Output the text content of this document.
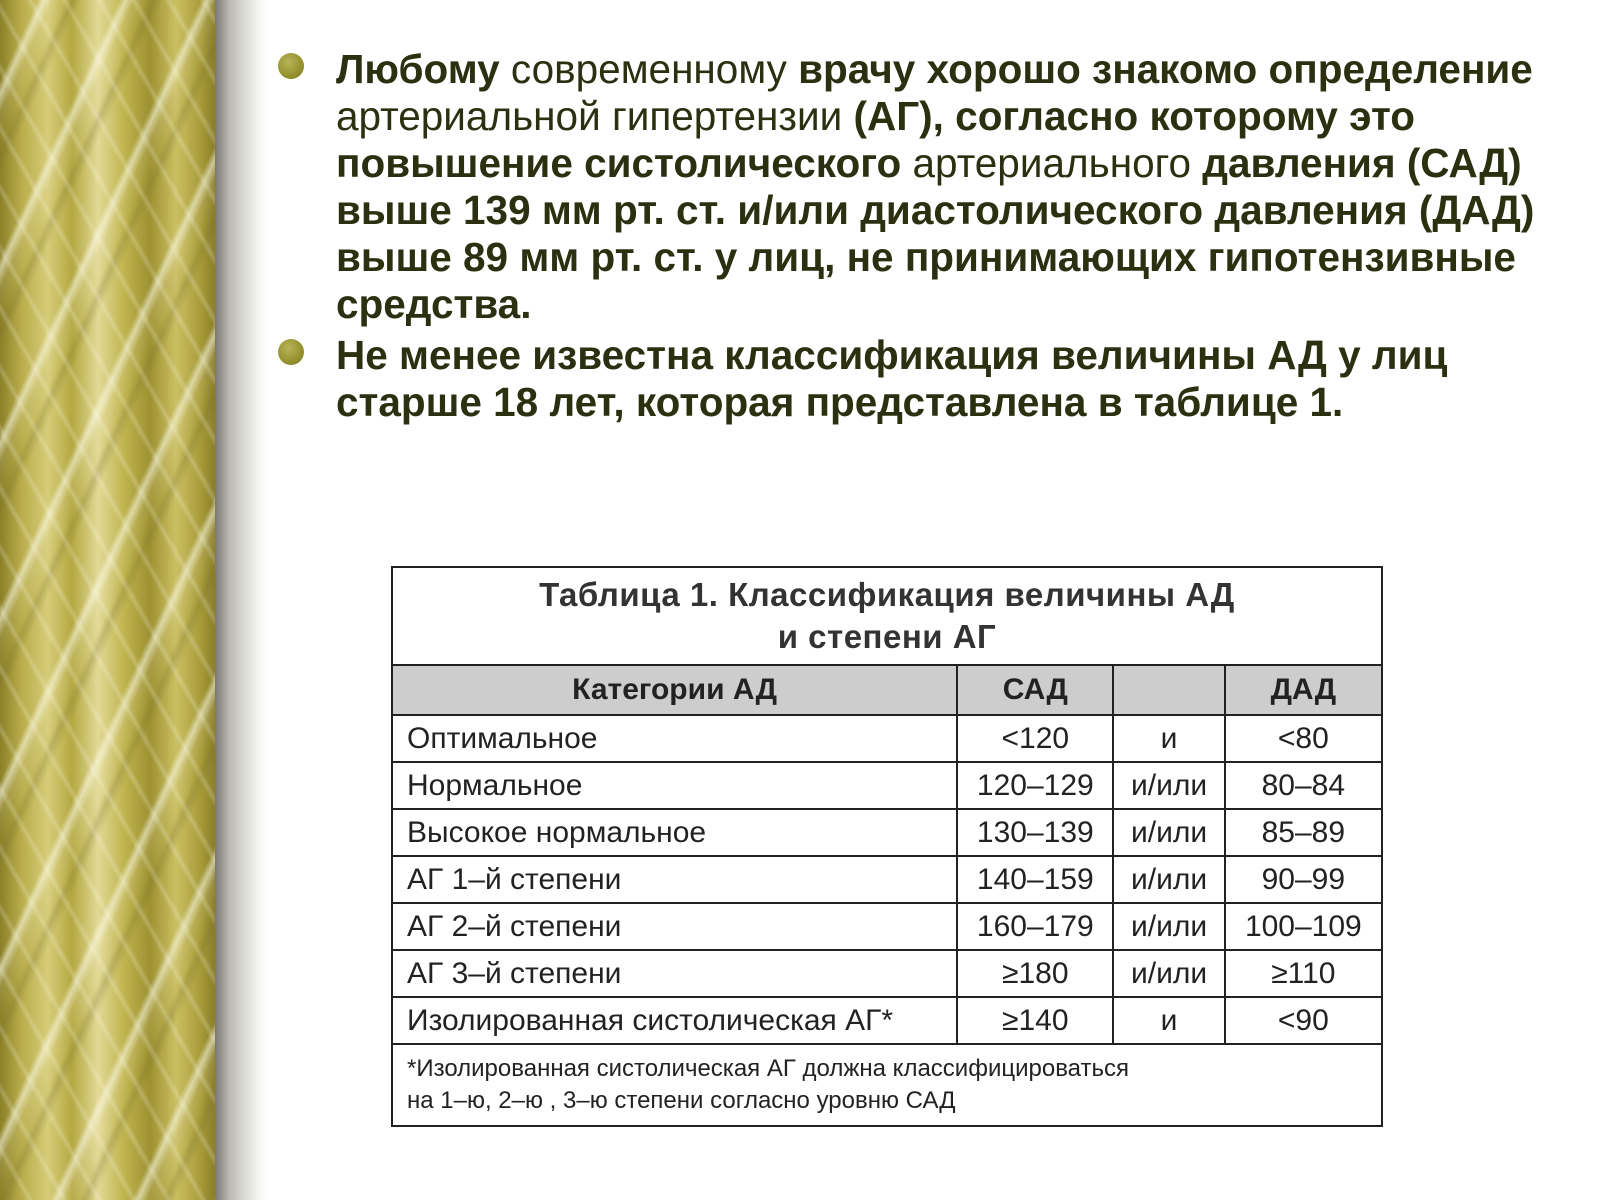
Любому современному врачу хорошо знакомо определение артериальной гипертензии (АГ), согласно которому это повышение систолического артериального давления (САД) выше 139 мм рт. ст. и/или диастолического давления (ДАД) выше 89 мм рт. ст. у лиц, не принимающих гипотензивные средства.
Не менее известна классификация величины АД у лиц старше 18 лет, которая представлена в таблице 1.
Таблица 1. Классификация величины АД
и степени АГ			

Категории АД	САД		ДАД
Оптимальное	<120	и	<80
Нормальное	120–129	и/или	80–84
Высокое нормальное	130–139	и/или	85–89
АГ 1–й степени	140–159	и/или	90–99
АГ 2–й степени	160–179	и/или	100–109
АГ 3–й степени	≥180	и/или	≥110
Изолированная систолическая АГ*	≥140	и	<90

*Изолированная систолическая АГ должна классифицироваться
на 1–ю, 2–ю , 3–ю степени согласно уровню САД			
